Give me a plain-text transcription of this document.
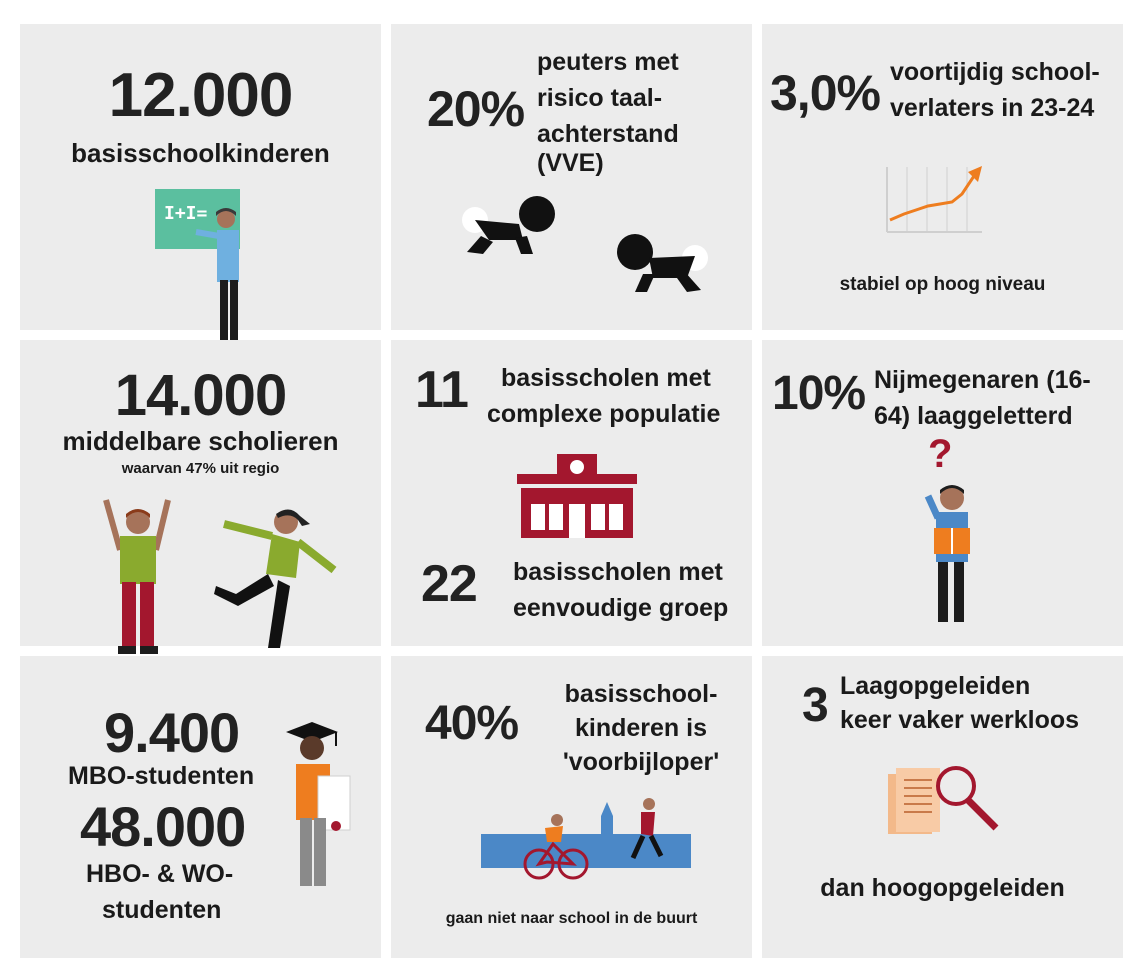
12.000
basisschoolkinderen
I+I=
20%
peuters met
risico taal-
achterstand (VVE)
3,0% voortijdig school-
verlaters in 23-24
stabiel op hoog niveau
14.000
middelbare scholieren
waarvan 47% uit regio
11 basisscholen met
complexe populatie
22 basisscholen met
eenvoudige groep
10% Nijmegenaren (16-
64) laaggeletterd
?
9.400
MBO-studenten
48.000
HBO- & WO-
studenten
40%
basisschool-
kinderen is
'voorbijloper'
gaan niet naar school in de buurt
3 Laagopgeleiden
keer vaker werkloos
dan hoogopgeleiden
